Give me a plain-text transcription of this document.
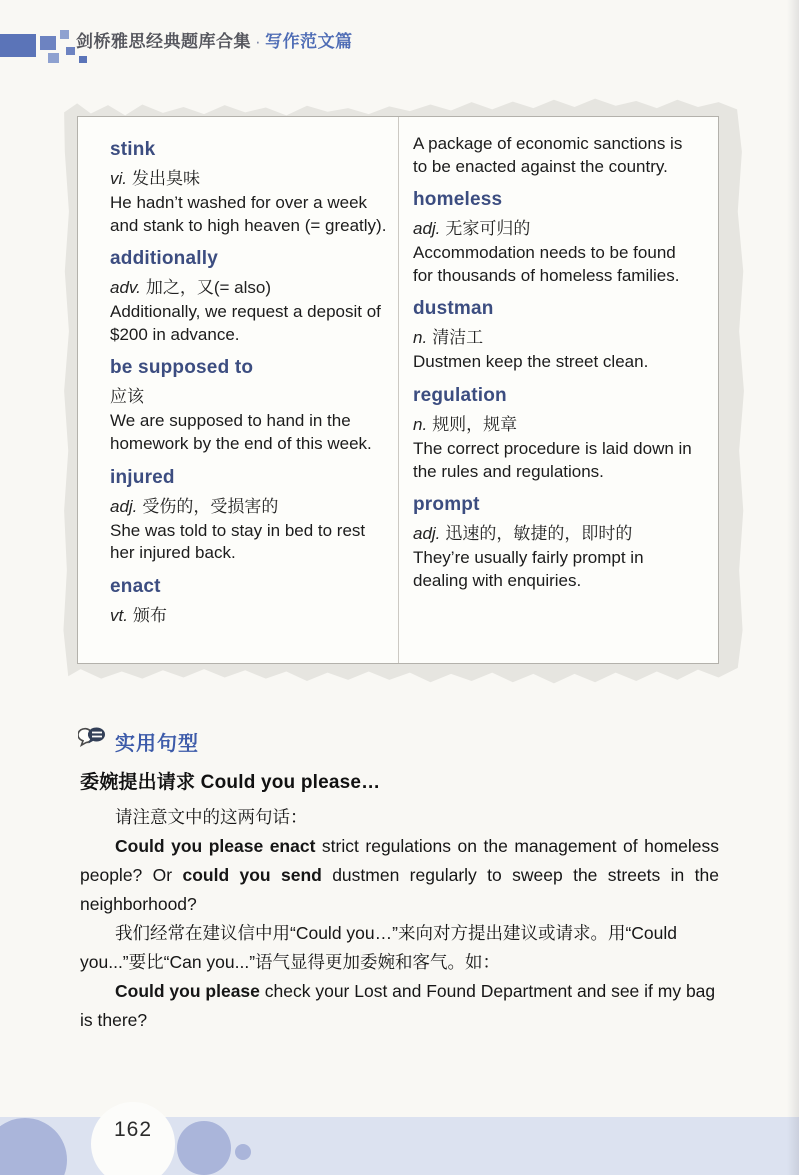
剑桥雅思经典题库合集 · 写作范文篇
stink
vi. 发出臭味
He hadn’t washed for over a week and stank to high heaven (= greatly).
additionally
adv. 加之，又(= also)
Additionally, we request a deposit of $200 in advance.
be supposed to
应该
We are supposed to hand in the homework by the end of this week.
injured
adj. 受伤的，受损害的
She was told to stay in bed to rest her injured back.
enact
vt. 颁布
A package of economic sanctions is to be enacted against the country.
homeless
adj. 无家可归的
Accommodation needs to be found for thousands of homeless families.
dustman
n. 清洁工
Dustmen keep the street clean.
regulation
n. 规则，规章
The correct procedure is laid down in the rules and regulations.
prompt
adj. 迅速的，敏捷的，即时的
They’re usually fairly prompt in dealing with enquiries.
实用句型
委婉提出请求 Could you please…

请注意文中的这两句话：

Could you please enact strict regulations on the management of homeless people? Or could you send dustmen regularly to sweep the streets in the neighborhood?

我们经常在建议信中用“Could you…”来向对方提出建议或请求。用“Could you...”要比“Can you...”语气显得更加委婉和客气。如：

Could you please check your Lost and Found Department and see if my bag is there?

162
